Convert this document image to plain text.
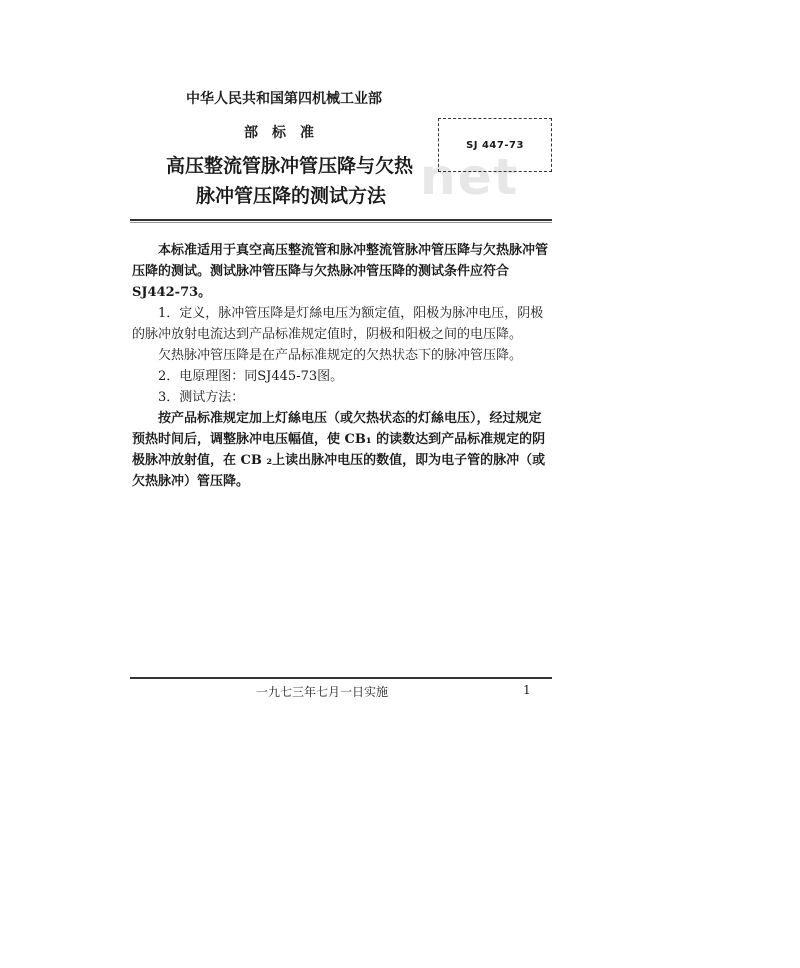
net
中华人民共和国第四机械工业部
部标准
SJ 447-73
高压整流管脉冲管压降与欠热
脉冲管压降的测试方法

本标准适用于真空高压整流管和脉冲整流管脉冲管压降与欠热脉冲管压降的测试。测试脉冲管压降与欠热脉冲管压降的测试条件应符合SJ442-73。

1．定义，脉冲管压降是灯絲电压为额定值，阳极为脉冲电压，阴极的脉冲放射电流达到产品标准规定值时，阴极和阳极之间的电压降。

欠热脉冲管压降是在产品标准规定的欠热状态下的脉冲管压降。

2．电原理图：同SJ445-73图。

3．测试方法：

按产品标准规定加上灯絲电压（或欠热状态的灯絲电压），经过规定预热时间后，调整脉冲电压幅值，使 CB₁ 的读数达到产品标准规定的阴极脉冲放射值，在 CB ₂上读出脉冲电压的数值，即为电子管的脉冲（或欠热脉冲）管压降。

一九七三年七月一日实施	1
